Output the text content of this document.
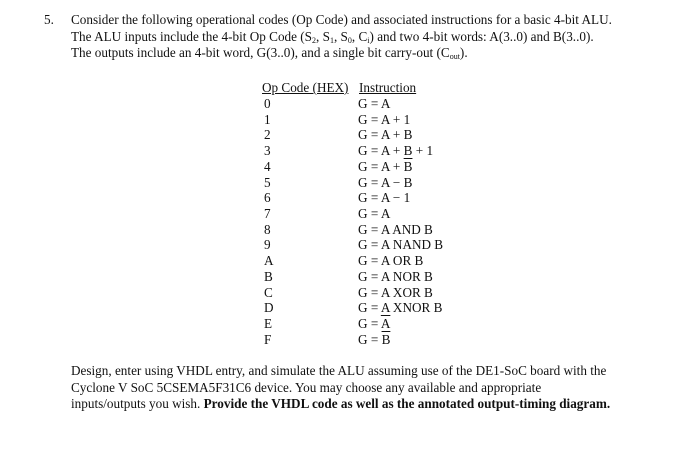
5. Consider the following operational codes (Op Code) and associated instructions for a basic 4-bit ALU.
The ALU inputs include the 4-bit Op Code ($S_2$, $S_1$, $S_0$, $C_i$) and two 4-bit words: A(3..0) and B(3..0).
The outputs include an 4-bit word, G(3..0), and a single bit carry-out $(C_{out})$.
Op Code (HEX) Instruction
0	G = A
1	G = A + 1
2	G = A + B
3	G = A + B + 1
4	$G = A + \overline{B}$
5	G = A − B
6	G = A − 1
7	G = A
8	G = A AND B
9	G = A NAND B
A	G = A OR B
B	G = A NOR B
C	G = A XOR B
D	G = A XNOR B
E	$G = \overline{A}$
F	$G = \overline{B}$
Design, enter using VHDL entry, and simulate the ALU assuming use of the DE1-SoC board with the
Cyclone V SoC 5CSEMA5F31C6 device. You may choose any available and appropriate
inputs/outputs you wish. Provide the VHDL code as well as the annotated output-timing diagram.
